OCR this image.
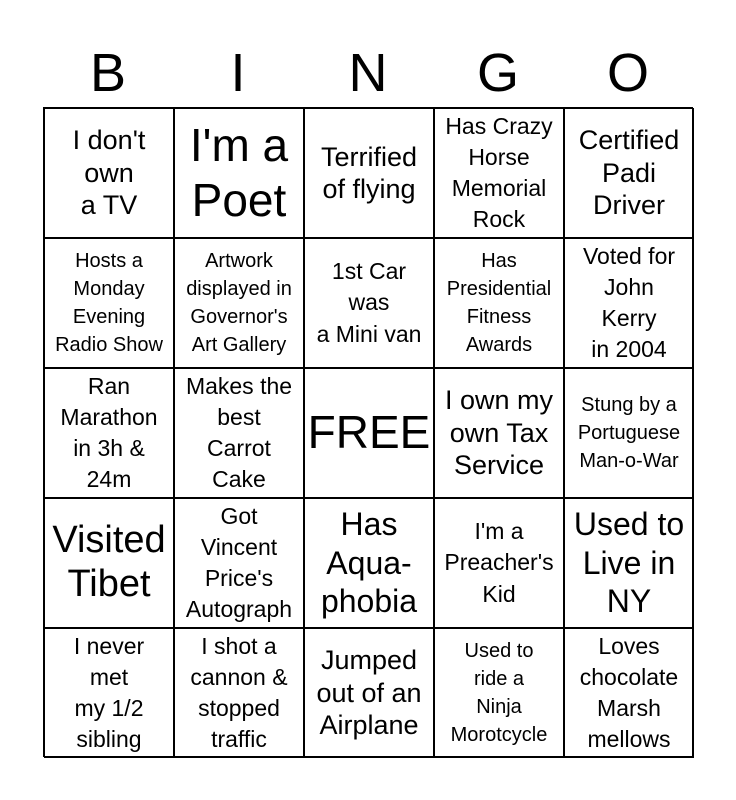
B	I	N	G	O
I don't
own
a TV
I'm a
Poet
Terrified
of flying
Has Crazy
Horse
Memorial
Rock
Certified
Padi
Driver
Hosts a
Monday
Evening
Radio Show
Artwork
displayed in
Governor's
Art Gallery
1st Car
was
a Mini van
Has
Presidential
Fitness
Awards
Voted for
John
Kerry
in 2004
Ran
Marathon
in 3h &
24m
Makes the
best
Carrot
Cake
FREE
I own my
own Tax
Service
Stung by a
Portuguese
Man-o-War
Visited
Tibet
Got
Vincent
Price's
Autograph
Has
Aqua-
phobia
I'm a
Preacher's
Kid
Used to
Live in
NY
I never
met
my 1/2
sibling
I shot a
cannon &
stopped
traffic
Jumped
out of an
Airplane
Used to
ride a
Ninja
Morotcycle
Loves
chocolate
Marsh
mellows
